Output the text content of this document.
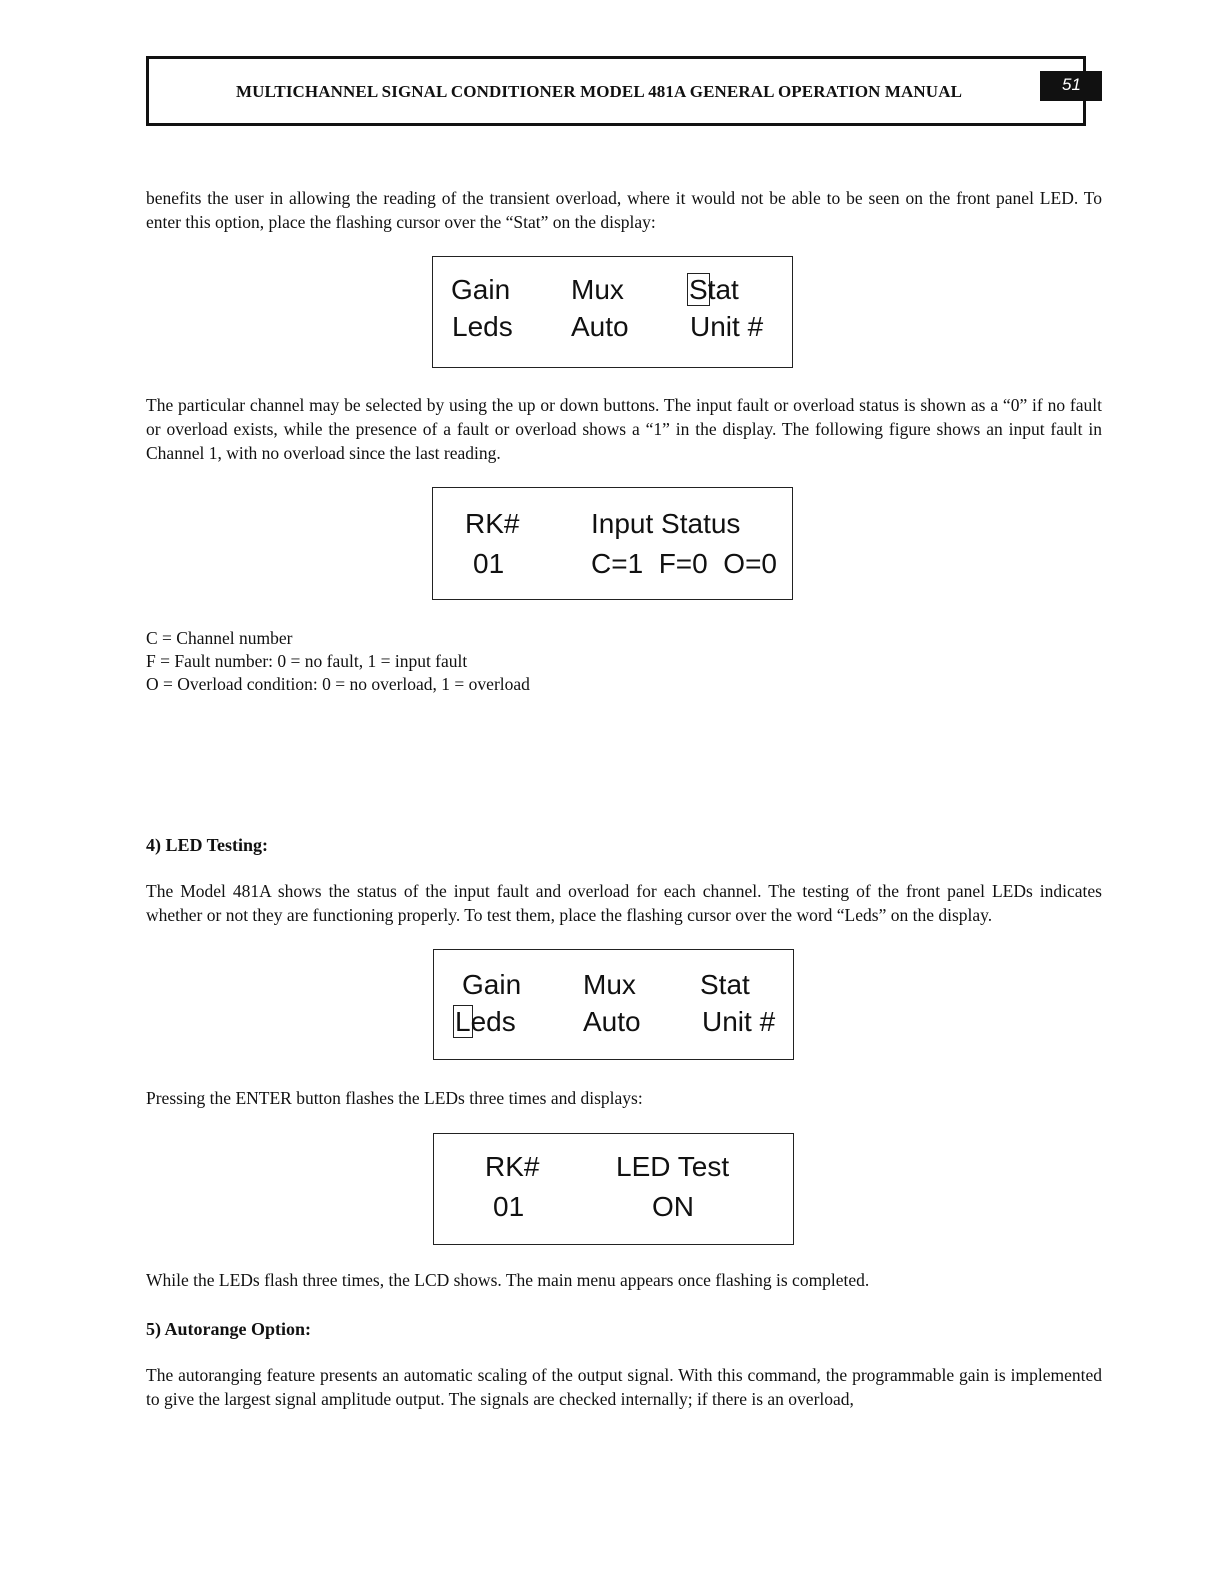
MULTICHANNEL SIGNAL CONDITIONER MODEL 481A GENERAL OPERATION MANUAL	51
benefits the user in allowing the reading of the transient overload, where it would not be able to be seen on the front panel LED. To enter this option, place the flashing cursor over the “Stat” on the display:
Gain Mux Stat
Leds Auto Unit #
The particular channel may be selected by using the up or down buttons. The input fault or overload status is shown as a “0” if no fault or overload exists, while the presence of a fault or overload shows a “1” in the display. The following figure shows an input fault in Channel 1, with no overload since the last reading.
RK#	Input Status
01	C=1  F=0  O=0
C = Channel number
F = Fault number: 0 = no fault, 1 = input fault
O = Overload condition: 0 = no overload, 1 = overload
4) LED Testing:
The Model 481A shows the status of the input fault and overload for each channel. The testing of the front panel LEDs indicates whether or not they are functioning properly. To test them, place the flashing cursor over the word “Leds” on the display.
Gain Mux Stat
Leds Auto Unit #
Pressing the ENTER button flashes the LEDs three times and displays:
RK#	LED Test
01	ON
While the LEDs flash three times, the LCD shows. The main menu appears once flashing is completed.
5) Autorange Option:
The autoranging feature presents an automatic scaling of the output signal. With this command, the programmable gain is implemented to give the largest signal amplitude output. The signals are checked internally; if there is an overload,
